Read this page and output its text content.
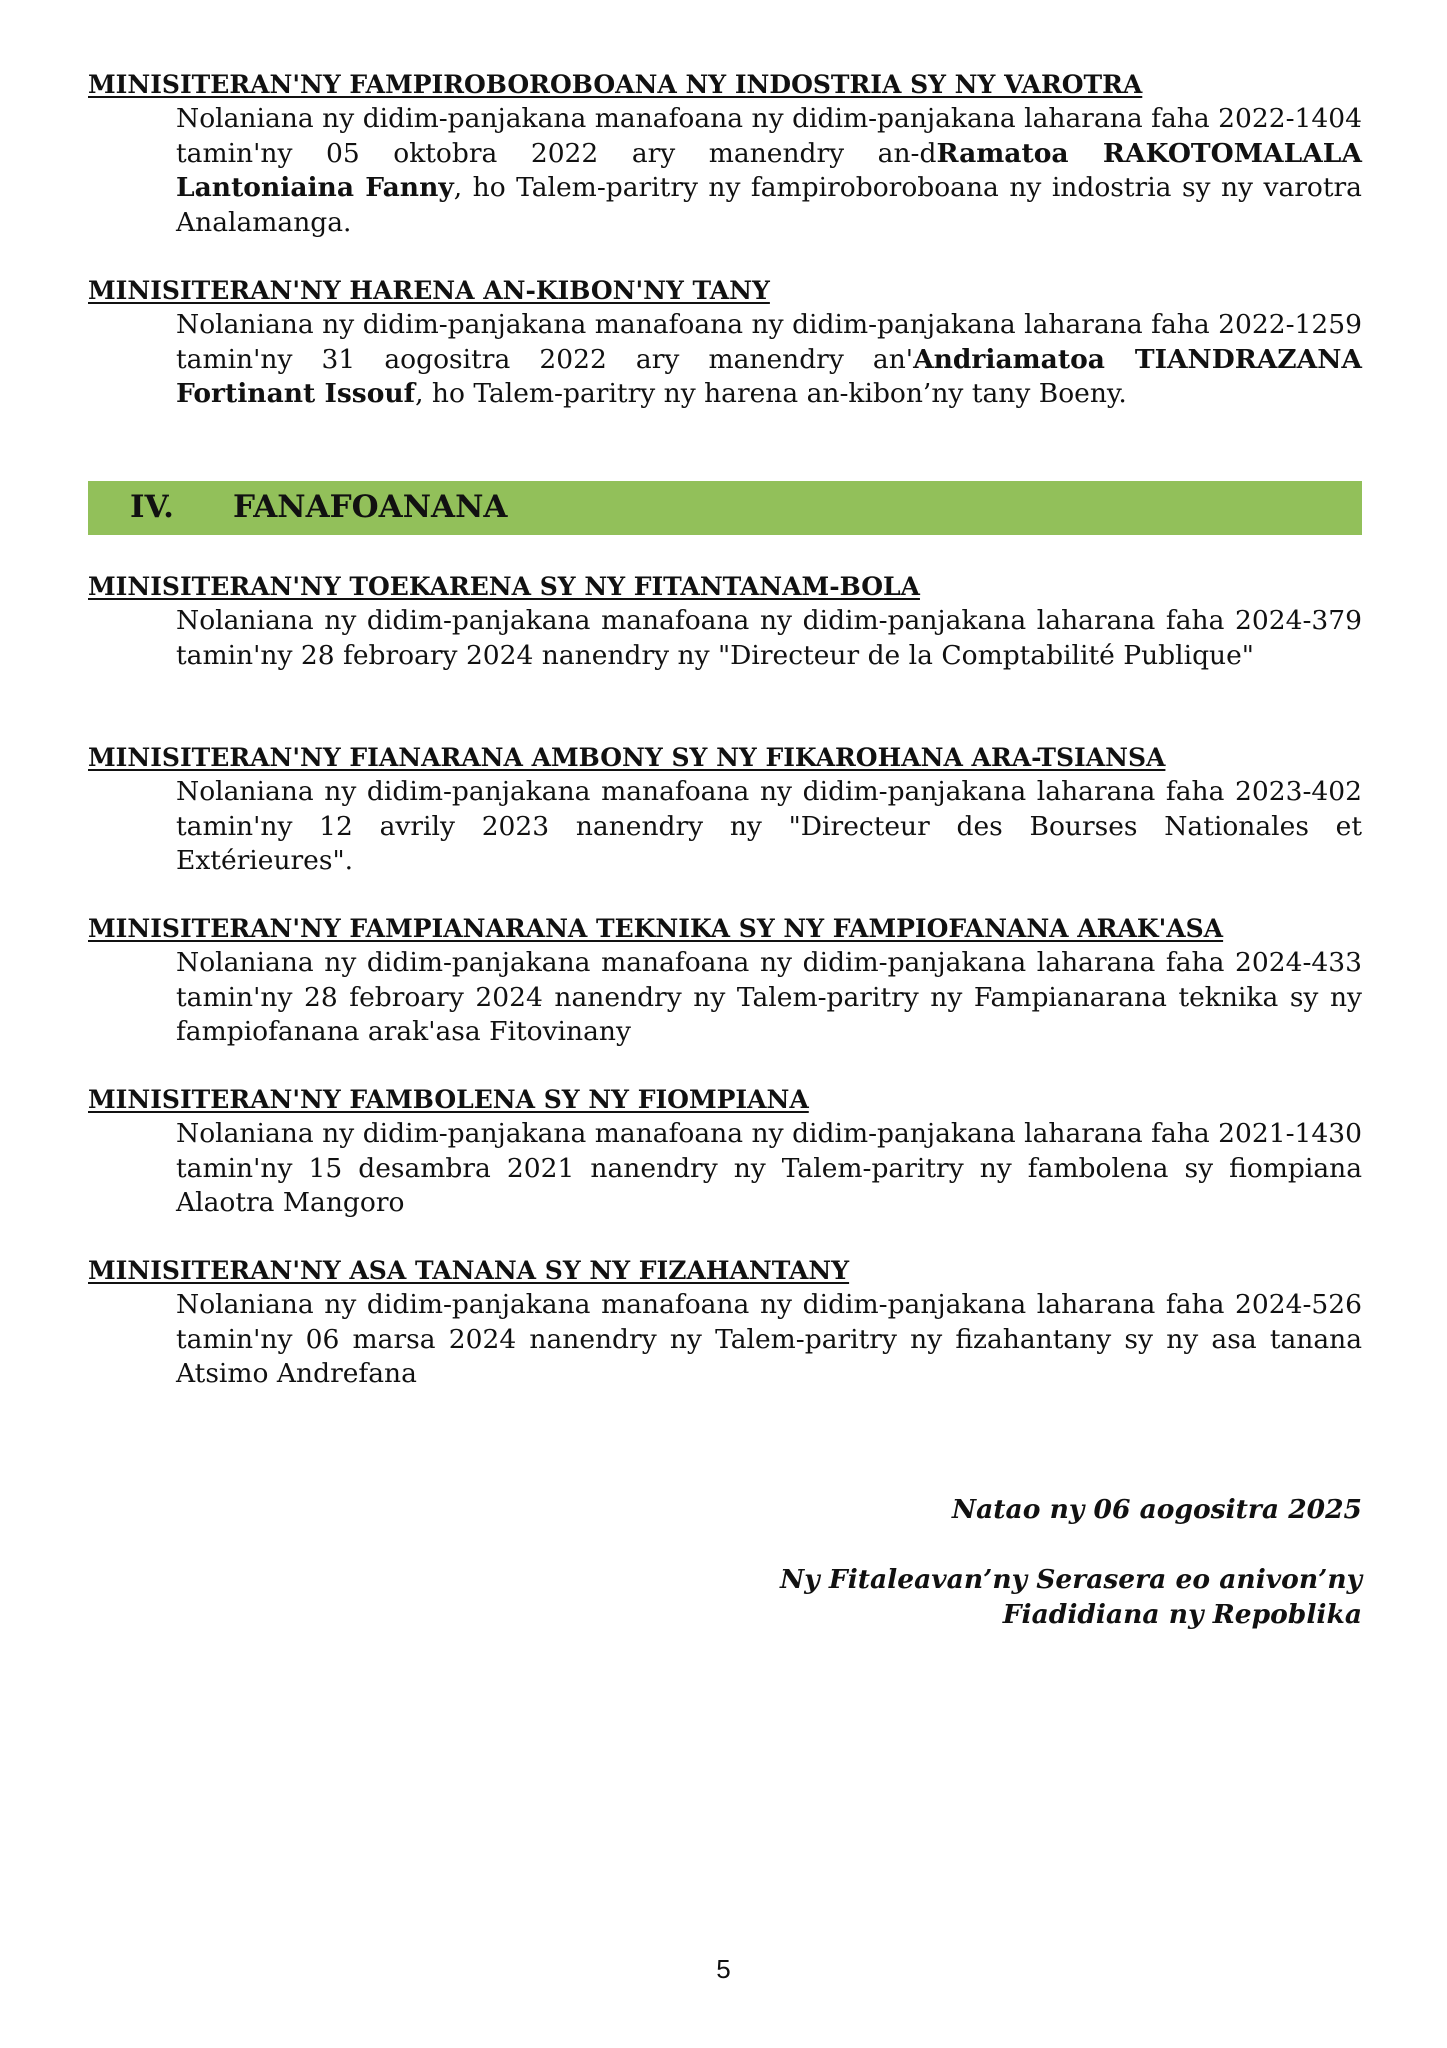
MINISITERAN'NY FAMPIROBOROBOANA NY INDOSTRIA SY NY VAROTRA
Nolaniana ny didim-panjakana manafoana ny didim-panjakana laharana faha 2022-1404 tamin'ny 05 oktobra 2022 ary manendry an-dRamatoa RAKOTOMALALA Lantoniaina Fanny, ho Talem-paritry ny fampiroboroboana ny indostria sy ny varotra Analamanga.
MINISITERAN'NY HARENA AN-KIBON'NY TANY
Nolaniana ny didim-panjakana manafoana ny didim-panjakana laharana faha 2022-1259 tamin'ny 31 aogositra 2022 ary manendry an'Andriamatoa TIANDRAZANA Fortinant Issouf, ho Talem-paritry ny harena an-kibon’ny tany Boeny.
IV. FANAFOANANA
MINISITERAN'NY TOEKARENA SY NY FITANTANAM-BOLA
Nolaniana ny didim-panjakana manafoana ny didim-panjakana laharana faha 2024-379 tamin'ny 28 febroary 2024 nanendry ny "Directeur de la Comptabilité Publique"
MINISITERAN'NY FIANARANA AMBONY SY NY FIKAROHANA ARA-TSIANSA
Nolaniana ny didim-panjakana manafoana ny didim-panjakana laharana faha 2023-402 tamin'ny 12 avrily 2023 nanendry ny "Directeur des Bourses Nationales et Extérieures".
MINISITERAN'NY FAMPIANARANA TEKNIKA SY NY FAMPIOFANANA ARAK'ASA
Nolaniana ny didim-panjakana manafoana ny didim-panjakana laharana faha 2024-433 tamin'ny 28 febroary 2024 nanendry ny Talem-paritry ny Fampianarana teknika sy ny fampiofanana arak'asa Fitovinany
MINISITERAN'NY FAMBOLENA SY NY FIOMPIANA
Nolaniana ny didim-panjakana manafoana ny didim-panjakana laharana faha 2021-1430 tamin'ny 15 desambra 2021 nanendry ny Talem-paritry ny fambolena sy fiompiana Alaotra Mangoro
MINISITERAN'NY ASA TANANA SY NY FIZAHANTANY
Nolaniana ny didim-panjakana manafoana ny didim-panjakana laharana faha 2024-526 tamin'ny 06 marsa 2024 nanendry ny Talem-paritry ny fizahantany sy ny asa tanana Atsimo Andrefana
Natao ny 06 aogositra 2025
Ny Fitaleavan’ny Serasera eo anivon’ny
Fiadidiana ny Repoblika
5
